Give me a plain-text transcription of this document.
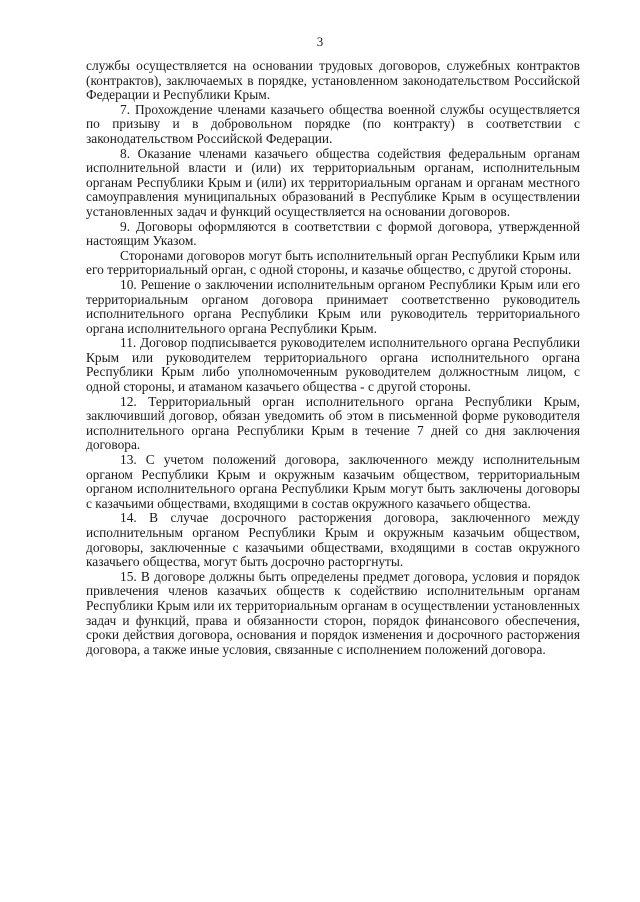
3

службы осуществляется на основании трудовых договоров, служебных контрактов (контрактов), заключаемых в порядке, установленном законодательством Российской Федерации и Республики Крым.

7. Прохождение членами казачьего общества военной службы осуществляется по призыву и в добровольном порядке (по контракту) в соответствии с законодательством Российской Федерации.

8. Оказание членами казачьего общества содействия федеральным органам исполнительной власти и (или) их территориальным органам, исполнительным органам Республики Крым и (или) их территориальным органам и органам местного самоуправления муниципальных образований в Республике Крым в осуществлении установленных задач и функций осуществляется на основании договоров.

9. Договоры оформляются в соответствии с формой договора, утвержденной настоящим Указом.

Сторонами договоров могут быть исполнительный орган Республики Крым или его территориальный орган, с одной стороны, и казачье общество, с другой стороны.

10. Решение о заключении исполнительным органом Республики Крым или его территориальным органом договора принимает соответственно руководитель исполнительного органа Республики Крым или руководитель территориального органа исполнительного органа Республики Крым.

11. Договор подписывается руководителем исполнительного органа Республики Крым или руководителем территориального органа исполнительного органа Республики Крым либо уполномоченным руководителем должностным лицом, с одной стороны, и атаманом казачьего общества - с другой стороны.

12. Территориальный орган исполнительного органа Республики Крым, заключивший договор, обязан уведомить об этом в письменной форме руководителя исполнительного органа Республики Крым в течение 7 дней со дня заключения договора.

13. С учетом положений договора, заключенного между исполнительным органом Республики Крым и окружным казачьим обществом, территориальным органом исполнительного органа Республики Крым могут быть заключены договоры с казачьими обществами, входящими в состав окружного казачьего общества.

14. В случае досрочного расторжения договора, заключенного между исполнительным органом Республики Крым и окружным казачьим обществом, договоры, заключенные с казачьими обществами, входящими в состав окружного казачьего общества, могут быть досрочно расторгнуты.

15. В договоре должны быть определены предмет договора, условия и порядок привлечения членов казачьих обществ к содействию исполнительным органам Республики Крым или их территориальным органам в осуществлении установленных задач и функций, права и обязанности сторон, порядок финансового обеспечения, сроки действия договора, основания и порядок изменения и досрочного расторжения договора, а также иные условия, связанные с исполнением положений договора.
